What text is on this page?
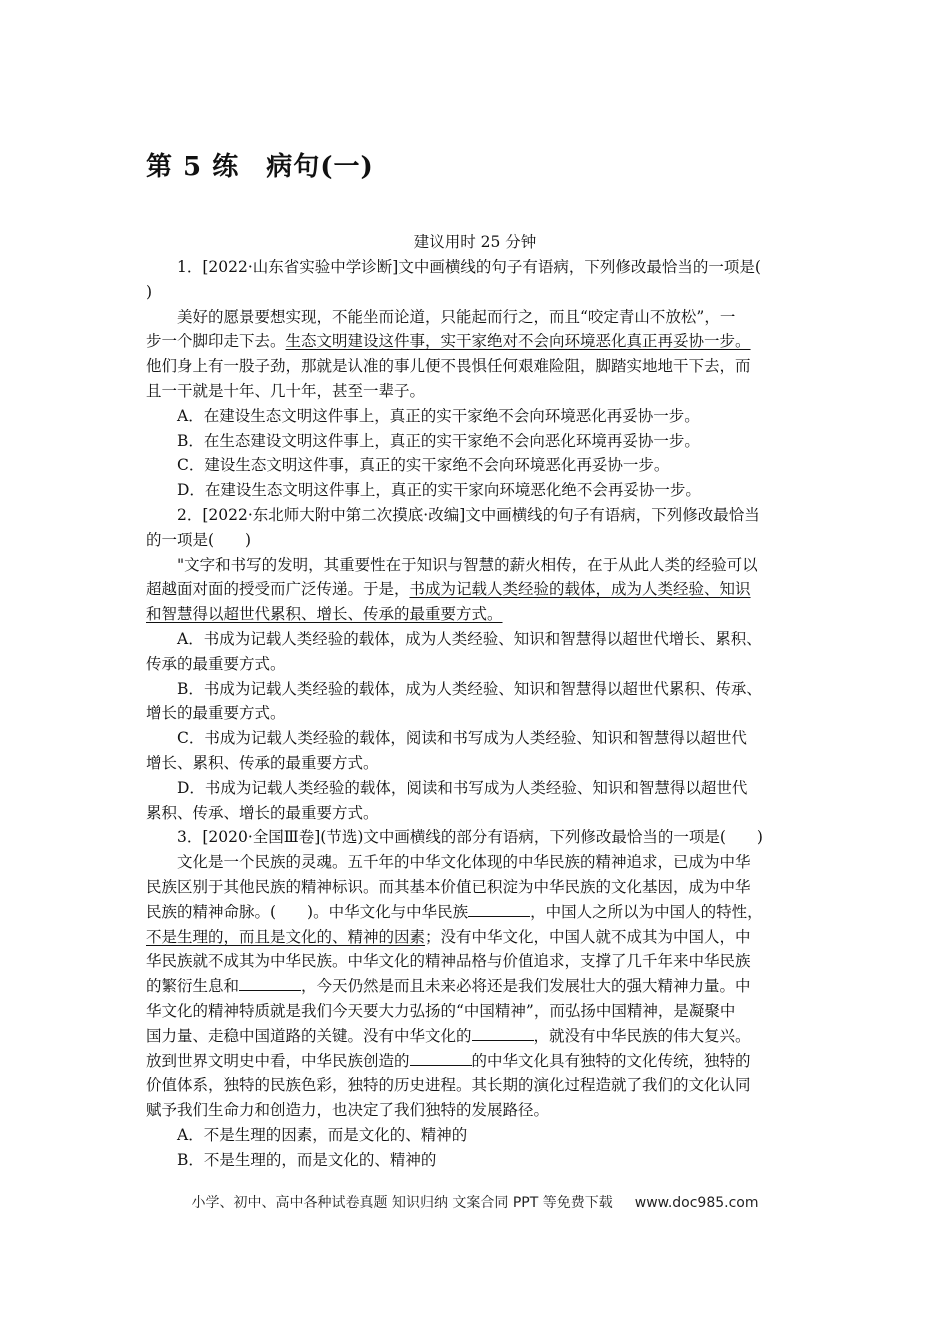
第 5 练　病句(一)
建议用时 25 分钟
1．[2022·山东省实验中学诊断]文中画横线的句子有语病，下列修改最恰当的一项是(
)
美好的愿景要想实现，不能坐而论道，只能起而行之，而且“咬定青山不放松”，一
步一个脚印走下去。生态文明建设这件事，实干家绝对不会向环境恶化真正再妥协一步。
他们身上有一股子劲，那就是认准的事儿便不畏惧任何艰难险阻，脚踏实地地干下去，而
且一干就是十年、几十年，甚至一辈子。
A．在建设生态文明这件事上，真正的实干家绝不会向环境恶化再妥协一步。
B．在生态建设文明这件事上，真正的实干家绝不会向恶化环境再妥协一步。
C．建设生态文明这件事，真正的实干家绝不会向环境恶化再妥协一步。
D．在建设生态文明这件事上，真正的实干家向环境恶化绝不会再妥协一步。
2．[2022·东北师大附中第二次摸底·改编]文中画横线的句子有语病，下列修改最恰当
的一项是(　　)
"文字和书写的发明，其重要性在于知识与智慧的薪火相传，在于从此人类的经验可以
超越面对面的授受而广泛传递。于是，书成为记载人类经验的载体，成为人类经验、知识
和智慧得以超世代累积、增长、传承的最重要方式。
A．书成为记载人类经验的载体，成为人类经验、知识和智慧得以超世代增长、累积、
传承的最重要方式。
B．书成为记载人类经验的载体，成为人类经验、知识和智慧得以超世代累积、传承、
增长的最重要方式。
C．书成为记载人类经验的载体，阅读和书写成为人类经验、知识和智慧得以超世代
增长、累积、传承的最重要方式。
D．书成为记载人类经验的载体，阅读和书写成为人类经验、知识和智慧得以超世代
累积、传承、增长的最重要方式。
3．[2020·全国Ⅲ卷](节选)文中画横线的部分有语病，下列修改最恰当的一项是(　　)
文化是一个民族的灵魂。五千年的中华文化体现的中华民族的精神追求，已成为中华
民族区别于其他民族的精神标识。而其基本价值已积淀为中华民族的文化基因，成为中华
民族的精神命脉。(　　)。中华文化与中华民族	，中国人之所以为中国人的特性，
不是生理的，而且是文化的、精神的因素；没有中华文化，中国人就不成其为中国人，中
华民族就不成其为中华民族。中华文化的精神品格与价值追求，支撑了几千年来中华民族
的繁衍生息和	，今天仍然是而且未来必将还是我们发展壮大的强大精神力量。中
华文化的精神特质就是我们今天要大力弘扬的“中国精神”，而弘扬中国精神，是凝聚中
国力量、走稳中国道路的关键。没有中华文化的	，就没有中华民族的伟大复兴。
放到世界文明史中看，中华民族创造的	的中华文化具有独特的文化传统，独特的
价值体系，独特的民族色彩，独特的历史进程。其长期的演化过程造就了我们的文化认同
赋予我们生命力和创造力，也决定了我们独特的发展路径。
A．不是生理的因素，而是文化的、精神的
B．不是生理的，而是文化的、精神的
小学、初中、高中各种试卷真题 知识归纳 文案合同 PPT 等免费下载 www.doc985.com
